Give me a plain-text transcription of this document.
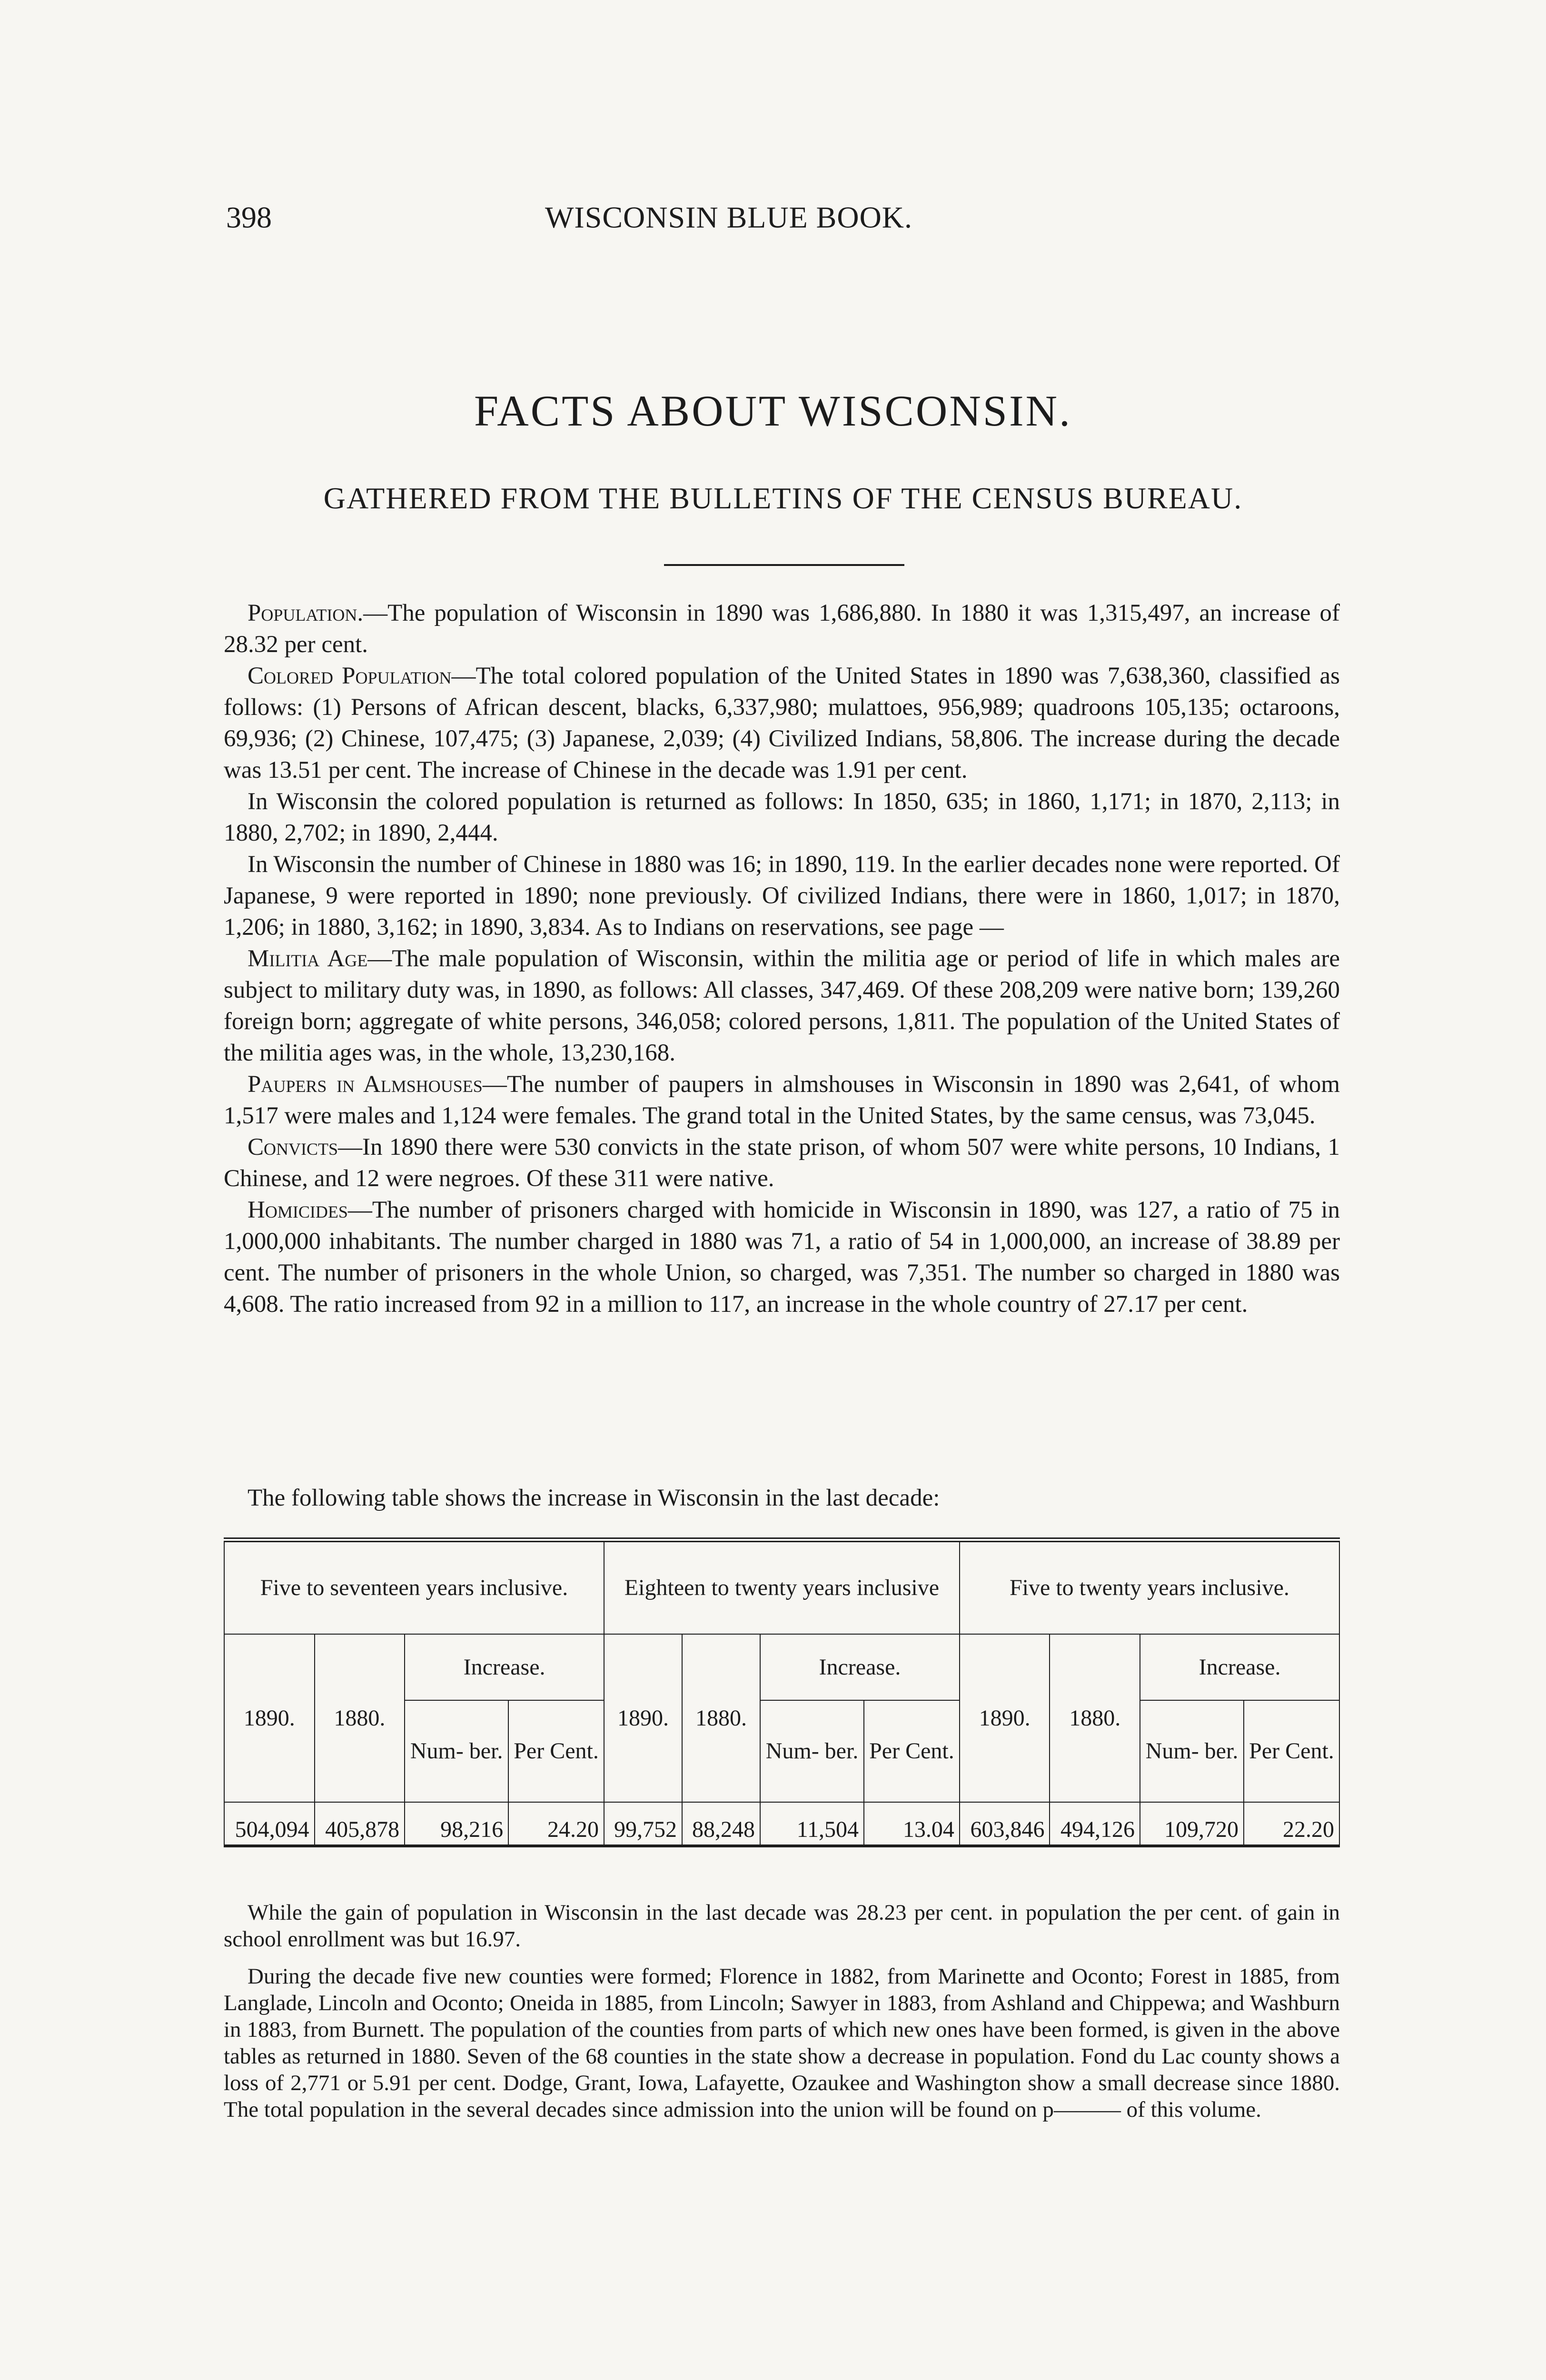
398	WISCONSIN BLUE BOOK.
FACTS ABOUT WISCONSIN.
GATHERED FROM THE BULLETINS OF THE CENSUS BUREAU.

Population.—The population of Wisconsin in 1890 was 1,686,880. In 1880 it was 1,315,497, an increase of 28.32 per cent.

Colored Population—The total colored population of the United States in 1890 was 7,638,360, classified as follows: (1) Persons of African descent, blacks, 6,337,980; mulattoes, 956,989; quadroons 105,135; octaroons, 69,936; (2) Chinese, 107,475; (3) Japanese, 2,039; (4) Civilized Indians, 58,806. The increase during the decade was 13.51 per cent. The increase of Chinese in the decade was 1.91 per cent.

In Wisconsin the colored population is returned as follows: In 1850, 635; in 1860, 1,171; in 1870, 2,113; in 1880, 2,702; in 1890, 2,444.

In Wisconsin the number of Chinese in 1880 was 16; in 1890, 119. In the earlier decades none were reported. Of Japanese, 9 were reported in 1890; none previously. Of civilized Indians, there were in 1860, 1,017; in 1870, 1,206; in 1880, 3,162; in 1890, 3,834. As to Indians on reservations, see page —

Militia Age—The male population of Wisconsin, within the militia age or period of life in which males are subject to military duty was, in 1890, as follows: All classes, 347,469. Of these 208,209 were native born; 139,260 foreign born; aggregate of white persons, 346,058; colored persons, 1,811. The population of the United States of the militia ages was, in the whole, 13,230,168.

Paupers in Almshouses—The number of paupers in almshouses in Wisconsin in 1890 was 2,641, of whom 1,517 were males and 1,124 were females. The grand total in the United States, by the same census, was 73,045.

Convicts—In 1890 there were 530 convicts in the state prison, of whom 507 were white persons, 10 Indians, 1 Chinese, and 12 were negroes. Of these 311 were native.

Homicides—The number of prisoners charged with homicide in Wisconsin in 1890, was 127, a ratio of 75 in 1,000,000 inhabitants. The number charged in 1880 was 71, a ratio of 54 in 1,000,000, an increase of 38.89 per cent. The number of prisoners in the whole Union, so charged, was 7,351. The number so charged in 1880 was 4,608. The ratio increased from 92 in a million to 117, an increase in the whole country of 27.17 per cent.

The following table shows the increase in Wisconsin in the last decade:
Five to seventeen years inclusive.				Eighteen to twenty years inclusive				Five to twenty years inclusive.			
1890.	1880.	Increase.		1890.	1880.	Increase.		1890.	1880.	Increase.	
		Num- ber.	Per Cent.			Num- ber.	Per Cent.			Num- ber.	Per Cent.
504,094	405,878	98,216	24.20	99,752	88,248	11,504	13.04	603,846	494,126	109,720	22.20

While the gain of population in Wisconsin in the last decade was 28.23 per cent. in population the per cent. of gain in school enrollment was but 16.97.

During the decade five new counties were formed; Florence in 1882, from Marinette and Oconto; Forest in 1885, from Langlade, Lincoln and Oconto; Oneida in 1885, from Lincoln; Sawyer in 1883, from Ashland and Chippewa; and Washburn in 1883, from Burnett. The population of the counties from parts of which new ones have been formed, is given in the above tables as returned in 1880. Seven of the 68 counties in the state show a decrease in population. Fond du Lac county shows a loss of 2,771 or 5.91 per cent. Dodge, Grant, Iowa, Lafayette, Ozaukee and Washington show a small decrease since 1880. The total population in the several decades since admission into the union will be found on p——— of this volume.
